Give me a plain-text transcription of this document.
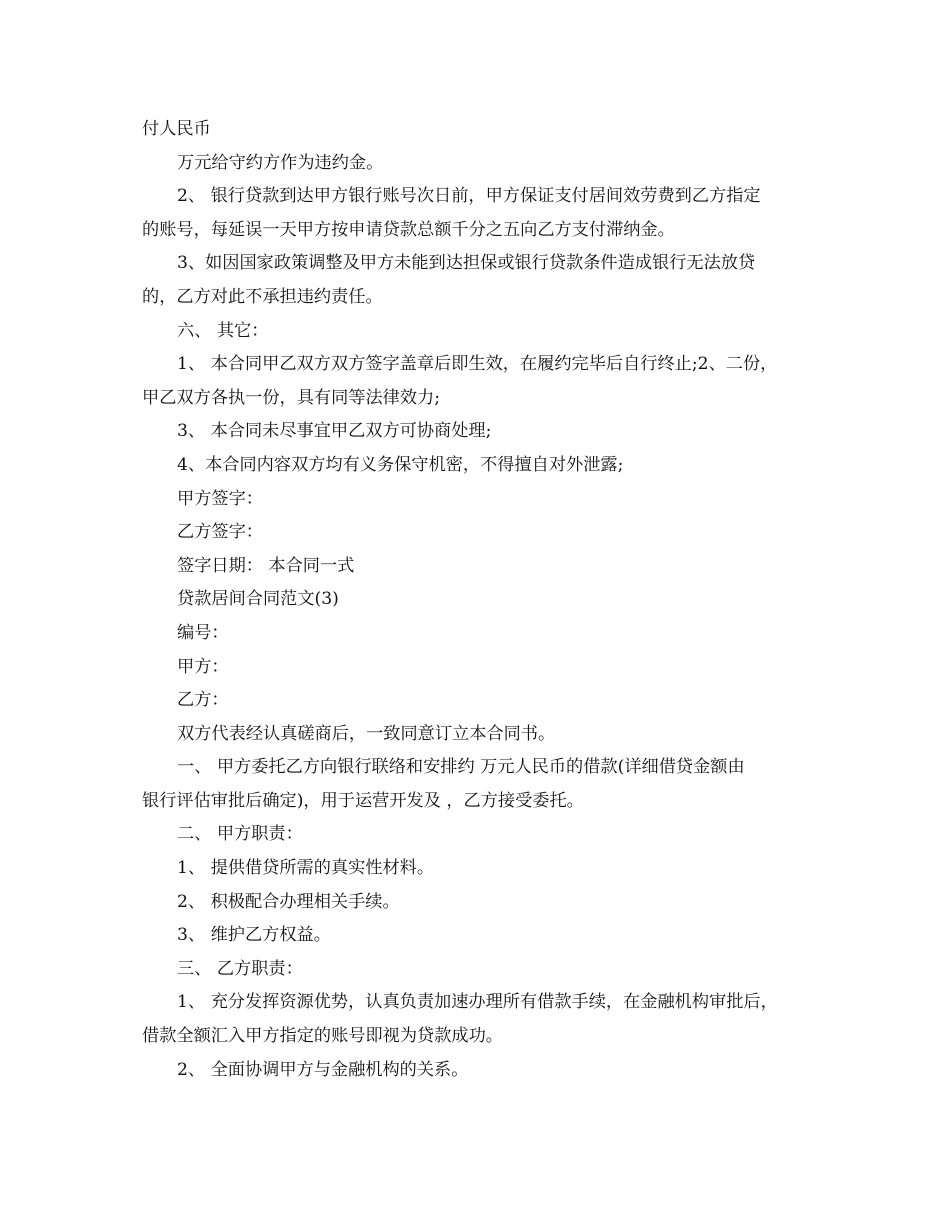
付人民币
万元给守约方作为违约金。
2、 银行贷款到达甲方银行账号次日前，甲方保证支付居间效劳费到乙方指定
的账号，每延误一天甲方按申请贷款总额千分之五向乙方支付滞纳金。
3、如因国家政策调整及甲方未能到达担保或银行贷款条件造成银行无法放贷
的，乙方对此不承担违约责任。
六、 其它：
1、 本合同甲乙双方双方签字盖章后即生效，在履约完毕后自行终止;2、二份，
甲乙双方各执一份，具有同等法律效力;
3、 本合同未尽事宜甲乙双方可协商处理;
4、本合同内容双方均有义务保守机密，不得擅自对外泄露;
甲方签字：
乙方签字：
签字日期： 本合同一式
贷款居间合同范文(3)
编号：
甲方：
乙方：
双方代表经认真磋商后，一致同意订立本合同书。
一、 甲方委托乙方向银行联络和安排约 万元人民币的借款(详细借贷金额由
银行评估审批后确定)，用于运营开发及 ，乙方接受委托。
二、 甲方职责：
1、 提供借贷所需的真实性材料。
2、 积极配合办理相关手续。
3、 维护乙方权益。
三、 乙方职责：
1、 充分发挥资源优势，认真负责加速办理所有借款手续，在金融机构审批后，
借款全额汇入甲方指定的账号即视为贷款成功。
2、 全面协调甲方与金融机构的关系。
